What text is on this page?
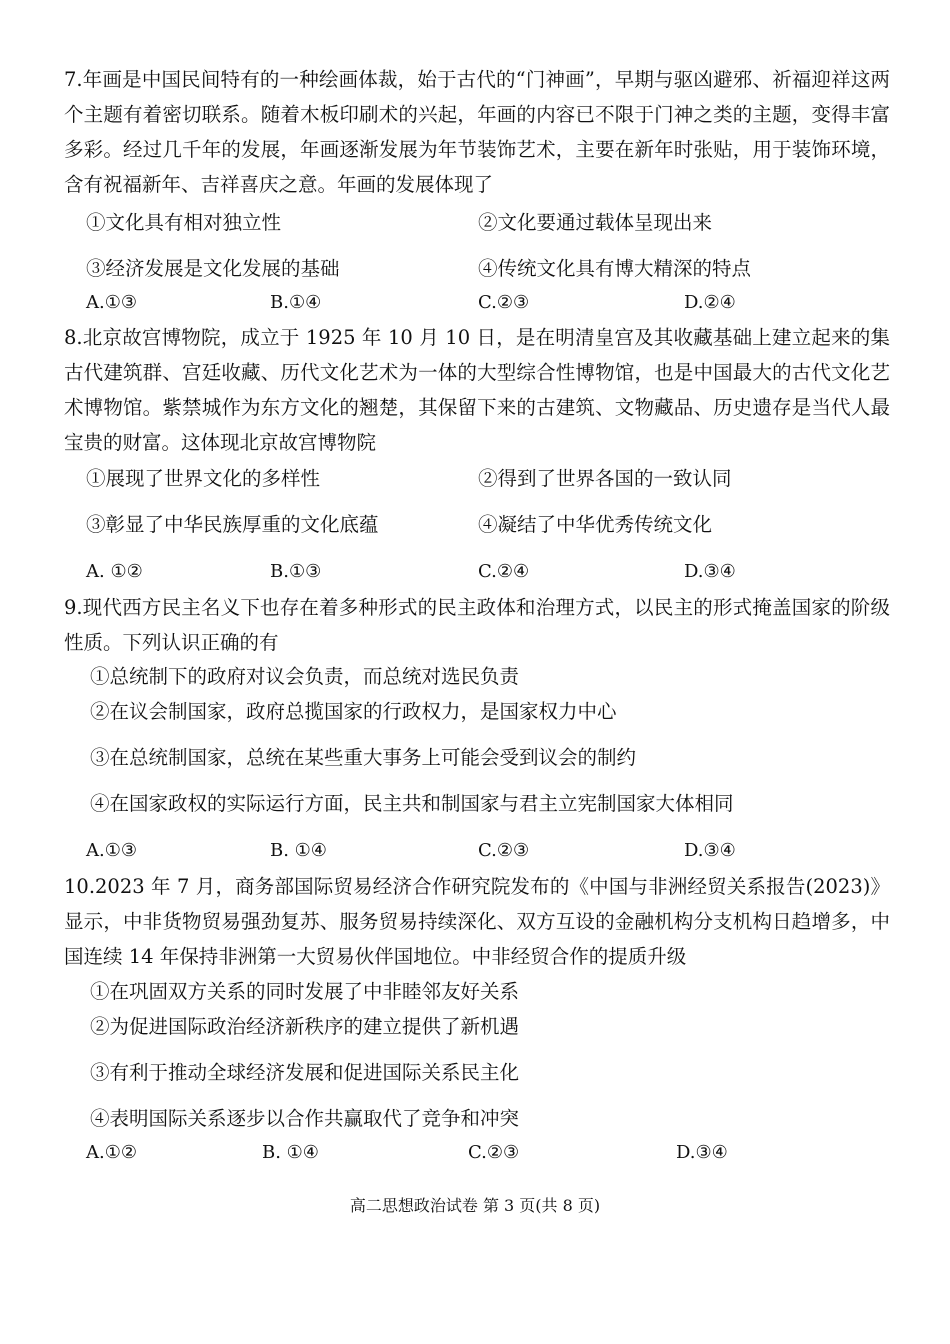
7.年画是中国民间特有的一种绘画体裁，始于古代的“门神画”，早期与驱凶避邪、祈福迎祥这两个主题有着密切联系。随着木板印刷术的兴起，年画的内容已不限于门神之类的主题，变得丰富多彩。经过几千年的发展，年画逐渐发展为年节装饰艺术，主要在新年时张贴，用于装饰环境，含有祝福新年、吉祥喜庆之意。年画的发展体现了

①文化具有相对独立性	②文化要通过载体呈现出来

③经济发展是文化发展的基础	④传统文化具有博大精深的特点

A.①③	B.①④	C.②③	D.②④

8.北京故宫博物院，成立于 1925 年 10 月 10 日，是在明清皇宫及其收藏基础上建立起来的集古代建筑群、宫廷收藏、历代文化艺术为一体的大型综合性博物馆，也是中国最大的古代文化艺术博物馆。紫禁城作为东方文化的翘楚，其保留下来的古建筑、文物藏品、历史遗存是当代人最宝贵的财富。这体现北京故宫博物院

①展现了世界文化的多样性	②得到了世界各国的一致认同

③彰显了中华民族厚重的文化底蕴	④凝结了中华优秀传统文化

A. ①②	B.①③	C.②④	D.③④

9.现代西方民主名义下也存在着多种形式的民主政体和治理方式，以民主的形式掩盖国家的阶级性质。下列认识正确的有

①总统制下的政府对议会负责，而总统对选民负责

②在议会制国家，政府总揽国家的行政权力，是国家权力中心

③在总统制国家，总统在某些重大事务上可能会受到议会的制约

④在国家政权的实际运行方面，民主共和制国家与君主立宪制国家大体相同

A.①③	B. ①④	C.②③	D.③④

10.2023 年 7 月，商务部国际贸易经济合作研究院发布的《中国与非洲经贸关系报告(2023)》显示，中非货物贸易强劲复苏、服务贸易持续深化、双方互设的金融机构分支机构日趋增多，中国连续 14 年保持非洲第一大贸易伙伴国地位。中非经贸合作的提质升级

①在巩固双方关系的同时发展了中非睦邻友好关系

②为促进国际政治经济新秩序的建立提供了新机遇

③有利于推动全球经济发展和促进国际关系民主化

④表明国际关系逐步以合作共赢取代了竞争和冲突

A.①②	B. ①④	C.②③	D.③④

高二思想政治试卷 第 3 页(共 8 页)
